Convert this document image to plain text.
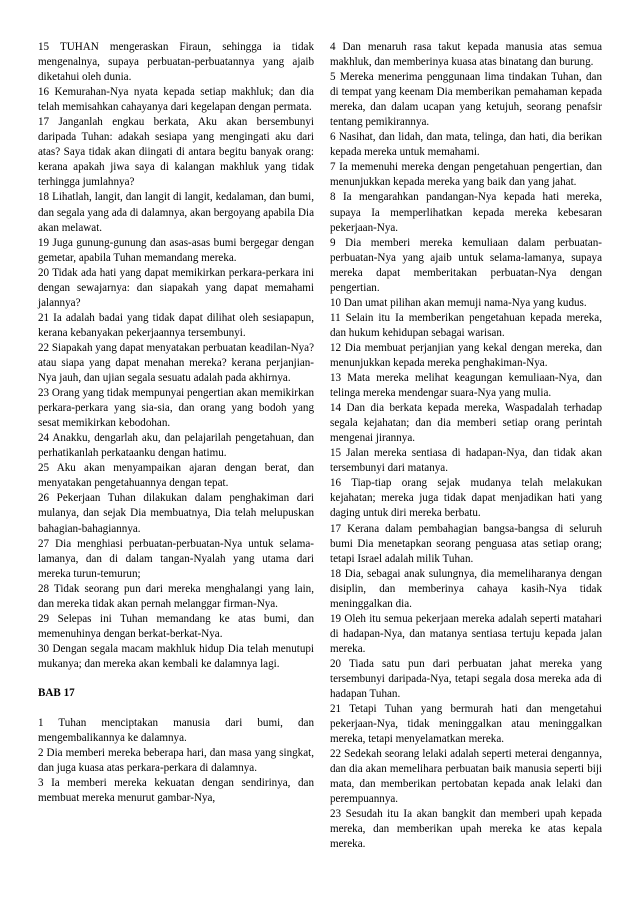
15 TUHAN mengeraskan Firaun, sehingga ia tidak mengenalnya, supaya perbuatan-perbuatannya yang ajaib diketahui oleh dunia.

16 Kemurahan-Nya nyata kepada setiap makhluk; dan dia telah memisahkan cahayanya dari kegelapan dengan permata.

17 Janganlah engkau berkata, Aku akan bersembunyi daripada Tuhan: adakah sesiapa yang mengingati aku dari atas? Saya tidak akan diingati di antara begitu banyak orang: kerana apakah jiwa saya di kalangan makhluk yang tidak terhingga jumlahnya?

18 Lihatlah, langit, dan langit di langit, kedalaman, dan bumi, dan segala yang ada di dalamnya, akan bergoyang apabila Dia akan melawat.

19 Juga gunung-gunung dan asas-asas bumi bergegar dengan gemetar, apabila Tuhan memandang mereka.

20 Tidak ada hati yang dapat memikirkan perkara-perkara ini dengan sewajarnya: dan siapakah yang dapat memahami jalannya?

21 Ia adalah badai yang tidak dapat dilihat oleh sesiapapun, kerana kebanyakan pekerjaannya tersembunyi.

22 Siapakah yang dapat menyatakan perbuatan keadilan-Nya? atau siapa yang dapat menahan mereka? kerana perjanjian-Nya jauh, dan ujian segala sesuatu adalah pada akhirnya.

23 Orang yang tidak mempunyai pengertian akan memikirkan perkara-perkara yang sia-sia, dan orang yang bodoh yang sesat memikirkan kebodohan.

24 Anakku, dengarlah aku, dan pelajarilah pengetahuan, dan perhatikanlah perkataanku dengan hatimu.

25 Aku akan menyampaikan ajaran dengan berat, dan menyatakan pengetahuannya dengan tepat.

26 Pekerjaan Tuhan dilakukan dalam penghakiman dari mulanya, dan sejak Dia membuatnya, Dia telah melupuskan bahagian-bahagiannya.

27 Dia menghiasi perbuatan-perbuatan-Nya untuk selama-lamanya, dan di dalam tangan-Nyalah yang utama dari mereka turun-temurun;

28 Tidak seorang pun dari mereka menghalangi yang lain, dan mereka tidak akan pernah melanggar firman-Nya.

29 Selepas ini Tuhan memandang ke atas bumi, dan memenuhinya dengan berkat-berkat-Nya.

30 Dengan segala macam makhluk hidup Dia telah menutupi mukanya; dan mereka akan kembali ke dalamnya lagi.

BAB 17

1 Tuhan menciptakan manusia dari bumi, dan mengembalikannya ke dalamnya.

2 Dia memberi mereka beberapa hari, dan masa yang singkat, dan juga kuasa atas perkara-perkara di dalamnya.

3 Ia memberi mereka kekuatan dengan sendirinya, dan membuat mereka menurut gambar-Nya,

4 Dan menaruh rasa takut kepada manusia atas semua makhluk, dan memberinya kuasa atas binatang dan burung.

5 Mereka menerima penggunaan lima tindakan Tuhan, dan di tempat yang keenam Dia memberikan pemahaman kepada mereka, dan dalam ucapan yang ketujuh, seorang penafsir tentang pemikirannya.

6 Nasihat, dan lidah, dan mata, telinga, dan hati, dia berikan kepada mereka untuk memahami.

7 Ia memenuhi mereka dengan pengetahuan pengertian, dan menunjukkan kepada mereka yang baik dan yang jahat.

8 Ia mengarahkan pandangan-Nya kepada hati mereka, supaya Ia memperlihatkan kepada mereka kebesaran pekerjaan-Nya.

9 Dia memberi mereka kemuliaan dalam perbuatan-perbuatan-Nya yang ajaib untuk selama-lamanya, supaya mereka dapat memberitakan perbuatan-Nya dengan pengertian.

10 Dan umat pilihan akan memuji nama-Nya yang kudus.

11 Selain itu Ia memberikan pengetahuan kepada mereka, dan hukum kehidupan sebagai warisan.

12 Dia membuat perjanjian yang kekal dengan mereka, dan menunjukkan kepada mereka penghakiman-Nya.

13 Mata mereka melihat keagungan kemuliaan-Nya, dan telinga mereka mendengar suara-Nya yang mulia.

14 Dan dia berkata kepada mereka, Waspadalah terhadap segala kejahatan; dan dia memberi setiap orang perintah mengenai jirannya.

15 Jalan mereka sentiasa di hadapan-Nya, dan tidak akan tersembunyi dari matanya.

16 Tiap-tiap orang sejak mudanya telah melakukan kejahatan; mereka juga tidak dapat menjadikan hati yang daging untuk diri mereka berbatu.

17 Kerana dalam pembahagian bangsa-bangsa di seluruh bumi Dia menetapkan seorang penguasa atas setiap orang; tetapi Israel adalah milik Tuhan.

18 Dia, sebagai anak sulungnya, dia memeliharanya dengan disiplin, dan memberinya cahaya kasih-Nya tidak meninggalkan dia.

19 Oleh itu semua pekerjaan mereka adalah seperti matahari di hadapan-Nya, dan matanya sentiasa tertuju kepada jalan mereka.

20 Tiada satu pun dari perbuatan jahat mereka yang tersembunyi daripada-Nya, tetapi segala dosa mereka ada di hadapan Tuhan.

21 Tetapi Tuhan yang bermurah hati dan mengetahui pekerjaan-Nya, tidak meninggalkan atau meninggalkan mereka, tetapi menyelamatkan mereka.

22 Sedekah seorang lelaki adalah seperti meterai dengannya, dan dia akan memelihara perbuatan baik manusia seperti biji mata, dan memberikan pertobatan kepada anak lelaki dan perempuannya.

23 Sesudah itu Ia akan bangkit dan memberi upah kepada mereka, dan memberikan upah mereka ke atas kepala mereka.
